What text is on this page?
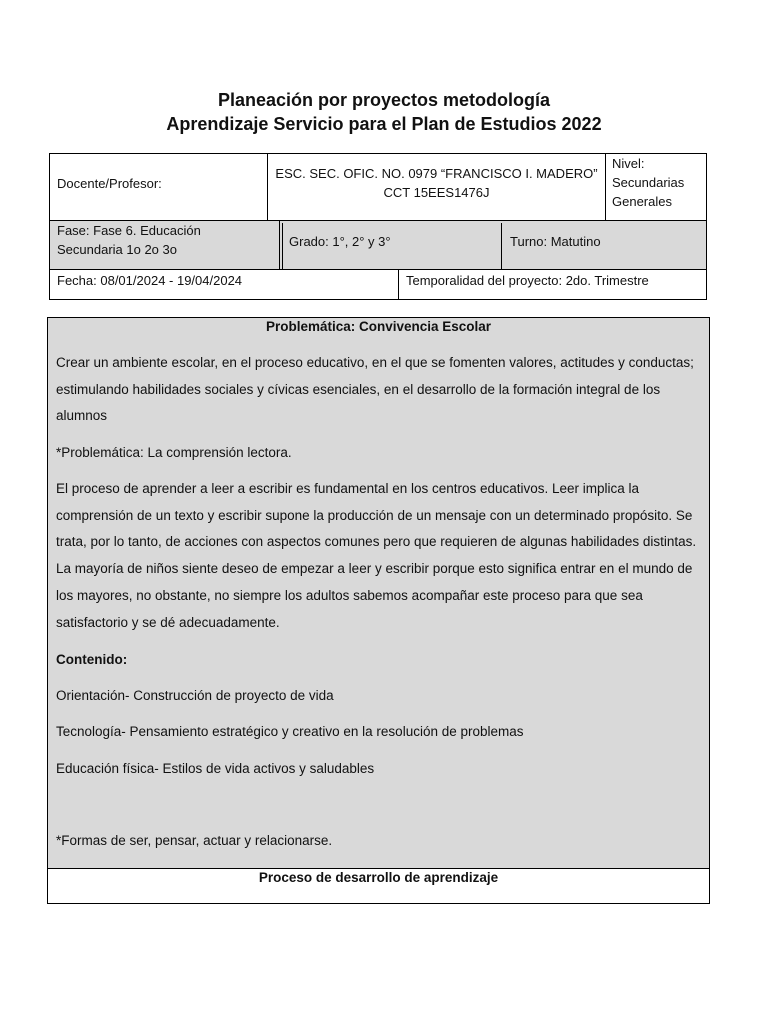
Planeación por proyectos metodología
Aprendizaje Servicio para el Plan de Estudios 2022
Docente/Profesor:
ESC. SEC. OFIC. NO. 0979 “FRANCISCO I. MADERO”
CCT 15EES1476J
Nivel:
Secundarias
Generales
Fase: Fase 6. Educación
Secundaria 1o 2o 3o
Grado: 1°, 2° y 3°	Turno: Matutino
Fecha: 08/01/2024 - 19/04/2024	Temporalidad del proyecto: 2do. Trimestre
Problemática: Convivencia Escolar
Crear un ambiente escolar, en el proceso educativo, en el que se fomenten valores, actitudes y conductas; estimulando habilidades sociales y cívicas esenciales, en el desarrollo de la formación integral de los alumnos
*Problemática: La comprensión lectora.
El proceso de aprender a leer a escribir es fundamental en los centros educativos. Leer implica la comprensión de un texto y escribir supone la producción de un mensaje con un determinado propósito. Se trata, por lo tanto, de acciones con aspectos comunes pero que requieren de algunas habilidades distintas. La mayoría de niños siente deseo de empezar a leer y escribir porque esto significa entrar en el mundo de los mayores, no obstante, no siempre los adultos sabemos acompañar este proceso para que sea satisfactorio y se dé adecuadamente.
Contenido:
Orientación- Construcción de proyecto de vida
Tecnología- Pensamiento estratégico y creativo en la resolución de problemas
Educación física- Estilos de vida activos y saludables
*Formas de ser, pensar, actuar y relacionarse.
Proceso de desarrollo de aprendizaje
